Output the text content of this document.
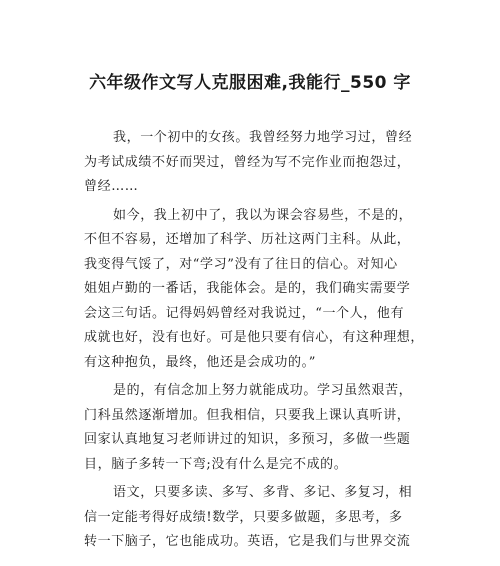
六年级作文写人克服困难,我能行_550 字

我，一个初中的女孩。我曾经努力地学习过，曾经
为考试成绩不好而哭过，曾经为写不完作业而抱怨过，
曾经……

如今，我上初中了，我以为课会容易些，不是的，
不但不容易，还增加了科学、历社这两门主科。从此，
我变得气馁了，对“学习”没有了往日的信心。对知心
姐姐卢勤的一番话，我能体会。是的，我们确实需要学
会这三句话。记得妈妈曾经对我说过，“一个人，他有
成就也好，没有也好。可是他只要有信心，有这种理想，
有这种抱负，最终，他还是会成功的。”

是的，有信念加上努力就能成功。学习虽然艰苦，
门科虽然逐渐增加。但我相信，只要我上课认真听讲，
回家认真地复习老师讲过的知识，多预习，多做一些题
目，脑子多转一下弯;没有什么是完不成的。

语文，只要多读、多写、多背、多记、多复习，相
信一定能考得好成绩!数学，只要多做题，多思考，多
转一下脑子，它也能成功。英语，它是我们与世界交流
